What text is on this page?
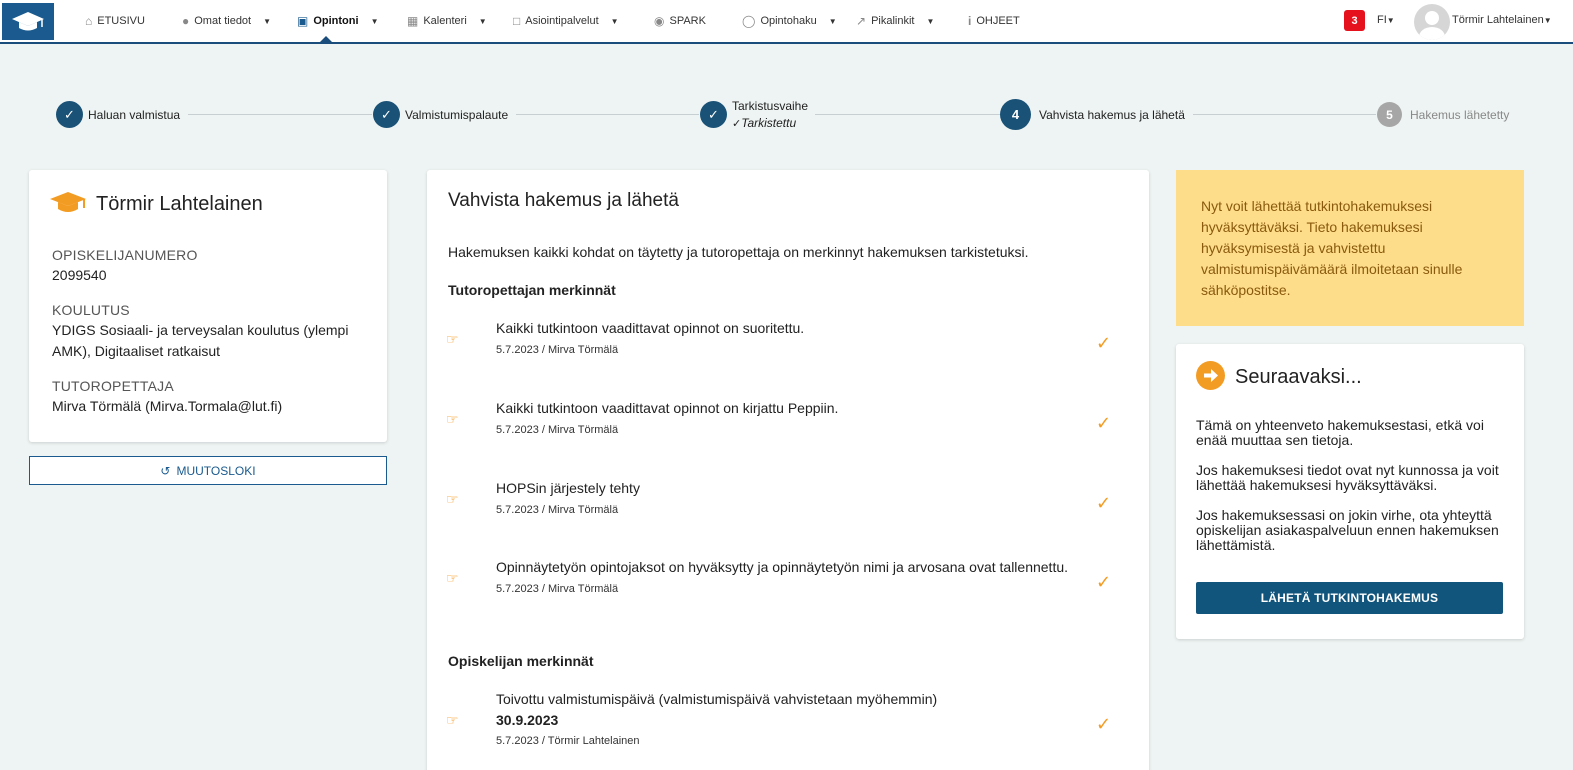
⌂ ETUSIVU	● Omat tiedot ▼ ▣ Opintoni ▼ ▦ Kalenteri ▼ □ Asiointipalvelut ▼	◉ SPARK	◯ Opintohaku ▼ ↗ Pikalinkit ▼	i OHJEET	3	FI▼	Törmir Lahtelainen▼
✓	Haluan valmistua	✓	Valmistumispalaute	✓
Tarkistusvaihe
✓Tarkistettu
4	Vahvista hakemus ja lähetä	5	Hakemus lähetetty
Törmir Lahtelainen
OPISKELIJANUMERO
2099540
KOULUTUS
YDIGS Sosiaali- ja terveysalan koulutus (ylempi AMK), Digitaaliset ratkaisut
TUTOROPETTAJA
Mirva Törmälä (Mirva.Tormala@lut.fi)
↺ MUUTOSLOKI
Vahvista hakemus ja lähetä
Hakemuksen kaikki kohdat on täytetty ja tutoropettaja on merkinnyt hakemuksen tarkistetuksi.
Tutoropettajan merkinnät
☞
Kaikki tutkintoon vaadittavat opinnot on suoritettu.
5.7.2023 / Mirva Törmälä	✓
☞
Kaikki tutkintoon vaadittavat opinnot on kirjattu Peppiin.
5.7.2023 / Mirva Törmälä	✓
☞
HOPSin järjestely tehty
5.7.2023 / Mirva Törmälä	✓
☞
Opinnäytetyön opintojaksot on hyväksytty ja opinnäytetyön nimi ja arvosana ovat tallennettu.
5.7.2023 / Mirva Törmälä	✓
Opiskelijan merkinnät
☞
Toivottu valmistumispäivä (valmistumispäivä vahvistetaan myöhemmin)
30.9.2023
5.7.2023 / Törmir Lahtelainen
✓
Nyt voit lähettää tutkintohakemuksesi hyväksyttäväksi. Tieto hakemuksesi hyväksymisestä ja vahvistettu valmistumispäivämäärä ilmoitetaan sinulle sähköpostitse.
Seuraavaksi...
Tämä on yhteenveto hakemuksestasi, etkä voi enää muuttaa sen tietoja.
Jos hakemuksesi tiedot ovat nyt kunnossa ja voit lähettää hakemuksesi hyväksyttäväksi.
Jos hakemuksessasi on jokin virhe, ota yhteyttä opiskelijan asiakaspalveluun ennen hakemuksen lähettämistä.
LÄHETÄ TUTKINTOHAKEMUS
